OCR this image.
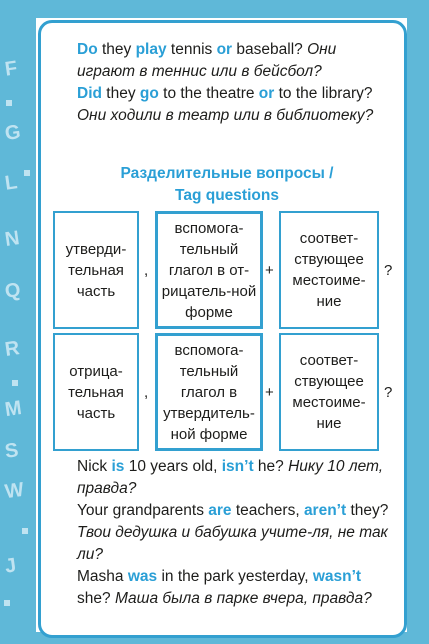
F
G
L
N
Q
R
M
S
W
J

Do they play tennis or baseball? Они играют в теннис или в бейсбол?

Did they go to the theatre or to the library? Они ходили в театр или в библиотеку?

Разделительные вопросы /
Tag questions
утверди-тельная часть
,
вспомога-тельный глагол в от-рицатель-ной форме
+
соответ-ствующее местоиме-ние
?
отрица-тельная часть
,
вспомога-тельный глагол в утвердитель-ной форме
+
соответ-ствующее местоиме-ние
?

Nick is 10 years old, isn’t he? Нику 10 лет, правда?

Your grandparents are teachers, aren’t they? Твои дедушка и бабушка учите-ля, не так ли?

Masha was in the park yesterday, wasn’t she? Маша была в парке вчера, правда?
